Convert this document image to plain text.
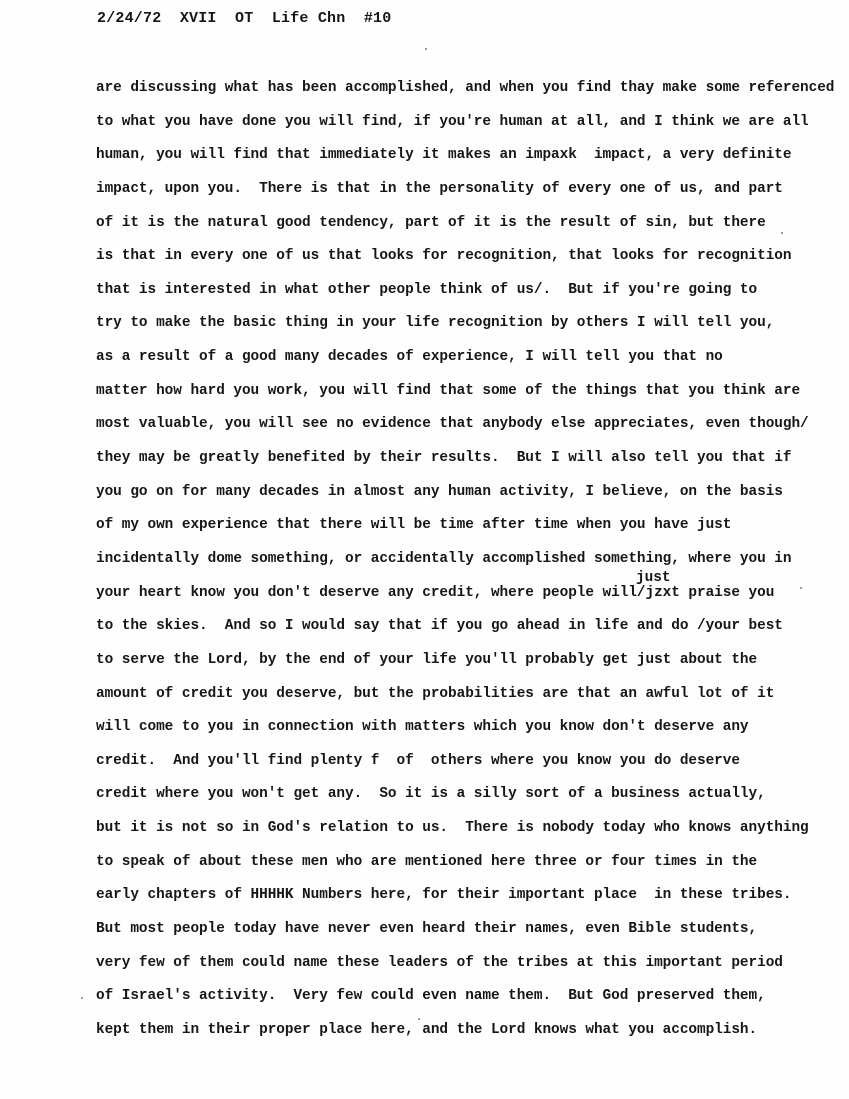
2/24/72  XVII  OT  Life Chn  #10
just
are discussing what has been accomplished, and when you find thay make some referenced
to what you have done you will find, if you're human at all, and I think we are all
human, you will find that immediately it makes an impaxk  impact, a very definite
impact, upon you.  There is that in the personality of every one of us, and part
of it is the natural good tendency, part of it is the result of sin, but there
is that in every one of us that looks for recognition, that looks for recognition
that is interested in what other people think of us/.  But if you're going to
try to make the basic thing in your life recognition by others I will tell you,
as a result of a good many decades of experience, I will tell you that no
matter how hard you work, you will find that some of the things that you think are
most valuable, you will see no evidence that anybody else appreciates, even though/
they may be greatly benefited by their results.  But I will also tell you that if
you go on for many decades in almost any human activity, I believe, on the basis
of my own experience that there will be time after time when you have just
incidentally dome something, or accidentally accomplished something, where you in
your heart know you don't deserve any credit, where people will/jzxt praise you
to the skies.  And so I would say that if you go ahead in life and do /your best
to serve the Lord, by the end of your life you'll probably get just about the
amount of credit you deserve, but the probabilities are that an awful lot of it
will come to you in connection with matters which you know don't deserve any
credit.  And you'll find plenty f  of  others where you know you do deserve
credit where you won't get any.  So it is a silly sort of a business actually,
but it is not so in God's relation to us.  There is nobody today who knows anything
to speak of about these men who are mentioned here three or four times in the
early chapters of HHHHK Numbers here, for their important place  in these tribes.
But most people today have never even heard their names, even Bible students,
very few of them could name these leaders of the tribes at this important period
of Israel's activity.  Very few could even name them.  But God preserved them,
kept them in their proper place here, and the Lord knows what you accomplish.
